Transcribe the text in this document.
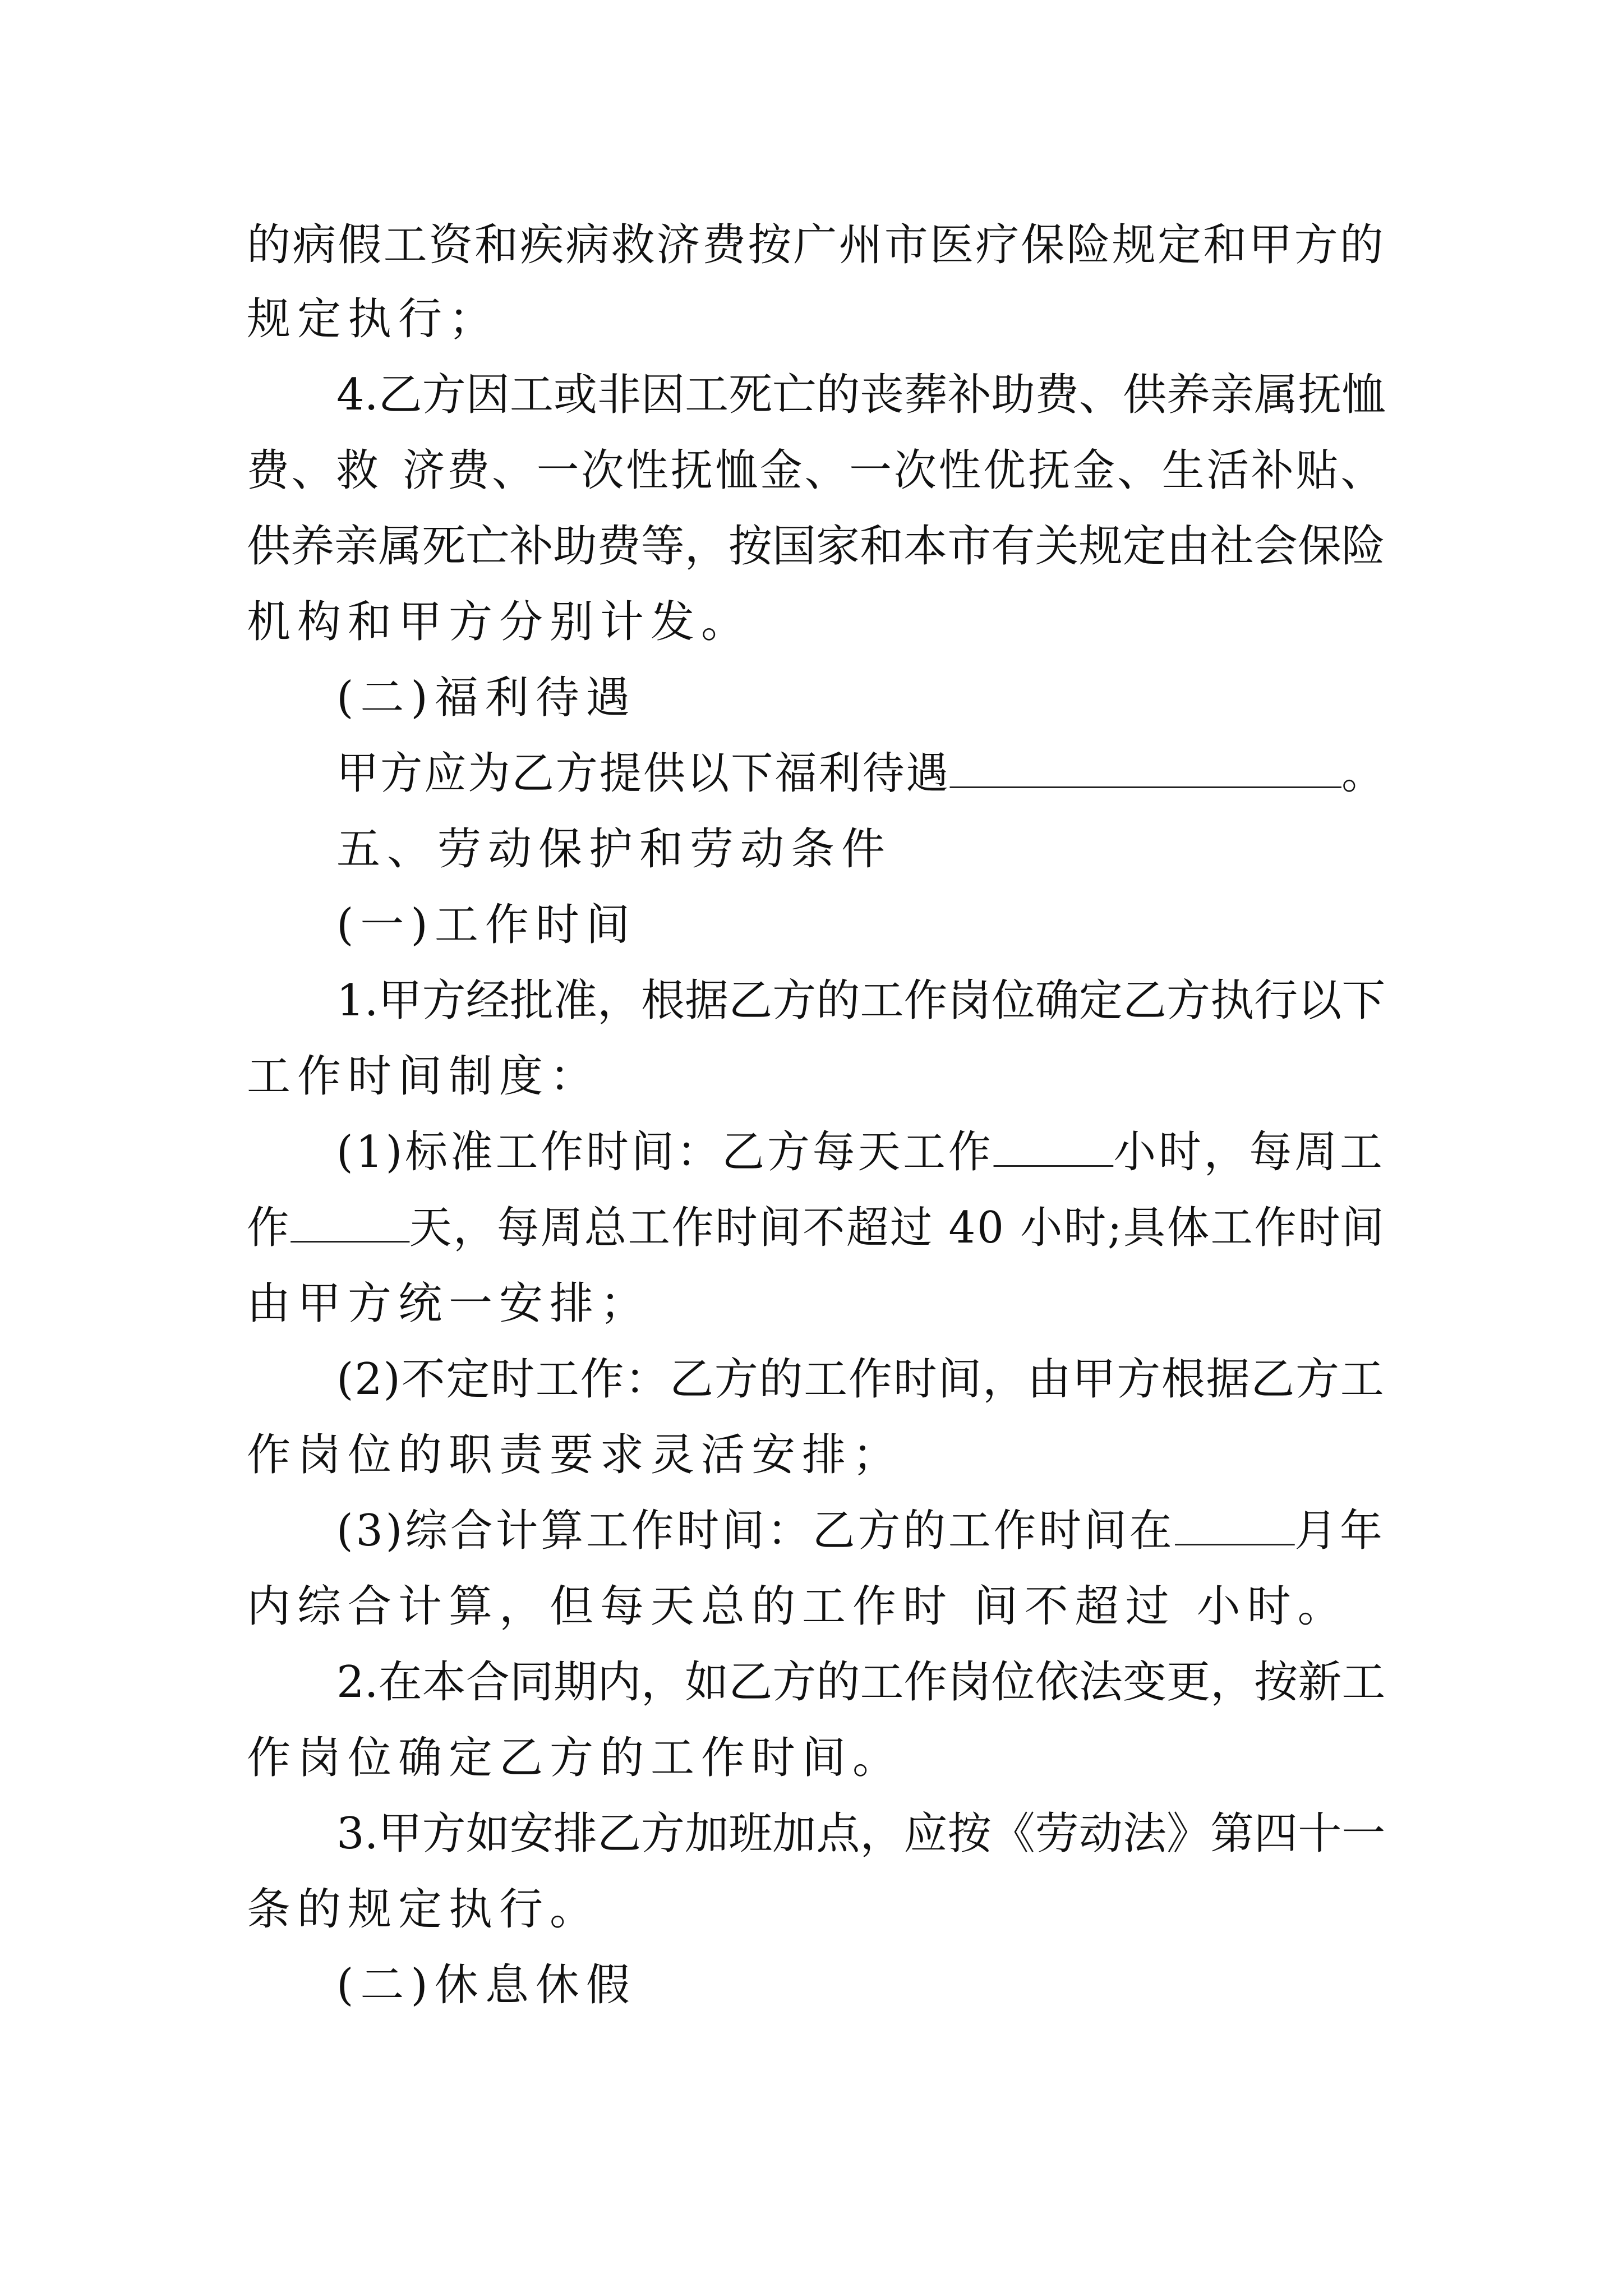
的病假工资和疾病救济费按广州市医疗保险规定和甲方的
规定执行；
4.乙方因工或非因工死亡的丧葬补助费、供养亲属抚恤
费、救 济费、一次性抚恤金、一次性优抚金、生活补贴、
供养亲属死亡补助费等，按国家和本市有关规定由社会保险
机构和甲方分别计发。
(二)福利待遇
甲方应为乙方提供以下福利待遇	。
五、劳动保护和劳动条件
(一)工作时间
1.甲方经批准，根据乙方的工作岗位确定乙方执行以下
工作时间制度：
(1)标准工作时间：乙方每天工作	小时，每周工
作	天，每周总工作时间不超过 40 小时;具体工作时间
由甲方统一安排；
(2)不定时工作：乙方的工作时间，由甲方根据乙方工
作岗位的职责要求灵活安排；
(3)综合计算工作时间：乙方的工作时间在	月年
内综合计算，但每天总的工作时 间不超过 小时。
2.在本合同期内，如乙方的工作岗位依法变更，按新工
作岗位确定乙方的工作时间。
3.甲方如安排乙方加班加点，应按《劳动法》第四十一
条的规定执行。
(二)休息休假
